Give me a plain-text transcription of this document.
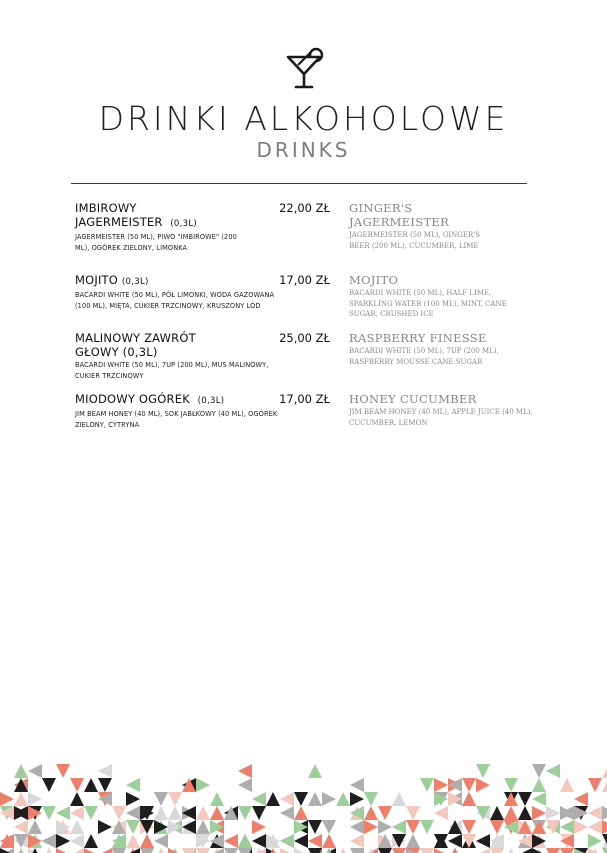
DRINKI ALKOHOLOWE
DRINKS
IMBIROWY
JAGERMEISTER (0,3L)
22,00 ZŁ
JAGERMEISTER (50 ML), PIWO "IMBIROWE" (200 ML), OGÓREK ZIELONY, LIMONKA
GINGER'S JAGERMEISTER
JAGERMEISTER (50 ML), GINGER'S BEER (200 ML), CUCUMBER, LIME
MOJITO (0,3L)	17,00 ZŁ
BACARDI WHITE (50 ML), PÓŁ LIMONKI, WODA GAZOWANA (100 ML), MIĘTA, CUKIER TRZCINOWY, KRUSZONY LÓD
MOJITO
BACARDI WHITE (50 ML), HALF LIME, SPARKLING WATER (100 ML), MINT, CANE SUGAR, CRUSHED ICE
MALINOWY ZAWRÓT
GŁOWY (0,3L)
25,00 ZŁ
BACARDI WHITE (50 ML), 7UP (200 ML), MUS MALINOWY, CUKIER TRZCINOWY
RASPBERRY FINESSE
BACARDI WHITE (50 ML), 7UP (200 ML), RASPBERRY MOUSSE CANE SUGAR
MIODOWY OGÓREK (0,3L)	17,00 ZŁ
JIM BEAM HONEY (40 ML), SOK JABŁKOWY (40 ML), OGÓREK ZIELONY, CYTRYNA
HONEY CUCUMBER
JIM BEAM HONEY (40 ML), APPLE JUICE (40 ML), CUCUMBER, LEMON
